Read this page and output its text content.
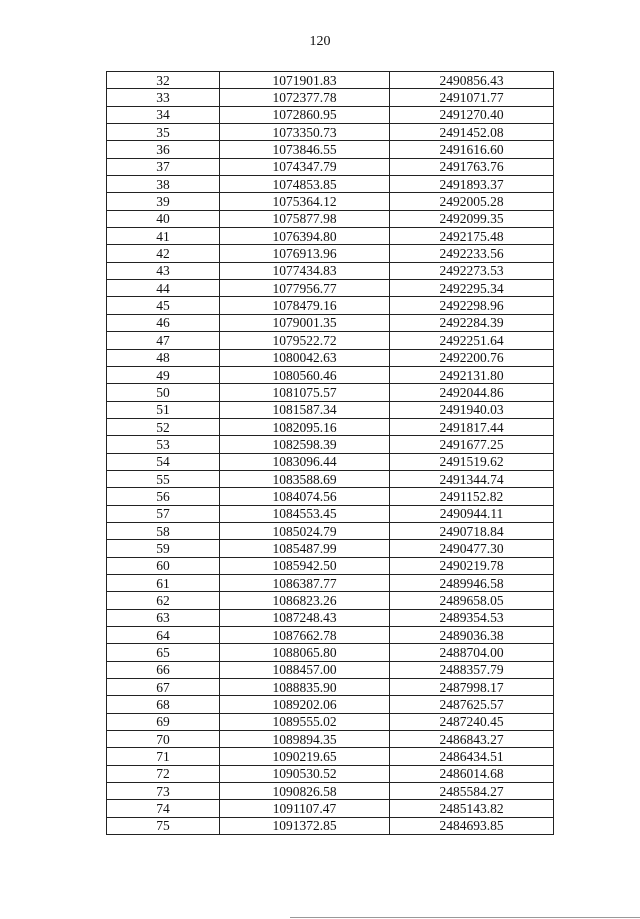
120
32	1071901.83	2490856.43
33	1072377.78	2491071.77
34	1072860.95	2491270.40
35	1073350.73	2491452.08
36	1073846.55	2491616.60
37	1074347.79	2491763.76
38	1074853.85	2491893.37
39	1075364.12	2492005.28
40	1075877.98	2492099.35
41	1076394.80	2492175.48
42	1076913.96	2492233.56
43	1077434.83	2492273.53
44	1077956.77	2492295.34
45	1078479.16	2492298.96
46	1079001.35	2492284.39
47	1079522.72	2492251.64
48	1080042.63	2492200.76
49	1080560.46	2492131.80
50	1081075.57	2492044.86
51	1081587.34	2491940.03
52	1082095.16	2491817.44
53	1082598.39	2491677.25
54	1083096.44	2491519.62
55	1083588.69	2491344.74
56	1084074.56	2491152.82
57	1084553.45	2490944.11
58	1085024.79	2490718.84
59	1085487.99	2490477.30
60	1085942.50	2490219.78
61	1086387.77	2489946.58
62	1086823.26	2489658.05
63	1087248.43	2489354.53
64	1087662.78	2489036.38
65	1088065.80	2488704.00
66	1088457.00	2488357.79
67	1088835.90	2487998.17
68	1089202.06	2487625.57
69	1089555.02	2487240.45
70	1089894.35	2486843.27
71	1090219.65	2486434.51
72	1090530.52	2486014.68
73	1090826.58	2485584.27
74	1091107.47	2485143.82
75	1091372.85	2484693.85
